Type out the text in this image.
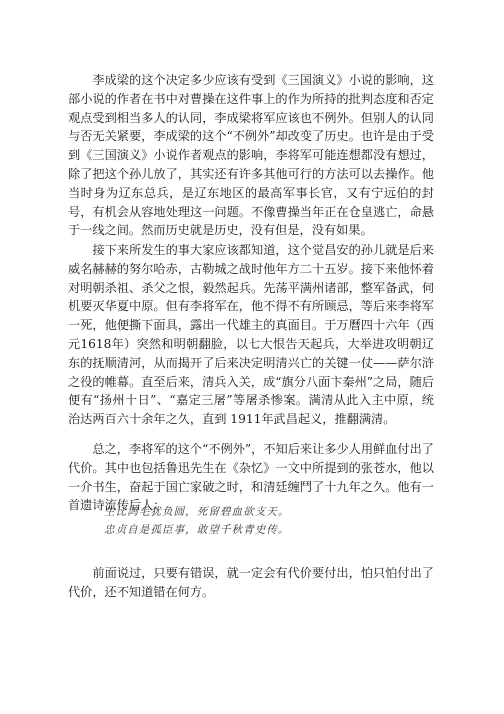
李成梁的这个决定多少应该有受到《三国演义》小说的影响，这部小说的作者在书中对曹操在这件事上的作为所持的批判态度和否定观点受到相当多人的认同，李成梁将军应该也不例外。但别人的认同与否无关紧要，李成梁的这个“不例外”却改变了历史。也许是由于受到《三国演义》小说作者观点的影响，李将军可能连想都没有想过，除了把这个孙儿放了，其实还有许多其他可行的方法可以去操作。他当时身为辽东总兵，是辽东地区的最高军事长官，又有宁远伯的封号，有机会从容地处理这一问题。不像曹操当年正在仓皇逃亡，命悬于一线之间。然而历史就是历史，没有但是，没有如果。

接下来所发生的事大家应该都知道，这个觉昌安的孙儿就是后来威名赫赫的努尔哈赤，古勒城之战时他年方二十五岁。接下来他怀着对明朝杀祖、杀父之恨，毅然起兵。先荡平满州诸部，整军备武，伺机要灭华夏中原。但有李将军在，他不得不有所顾忌，等后来李将军一死，他便撕下面具，露出一代雄主的真面目。于万曆四十六年（西元1618年）突然和明朝翻脸，以七大恨告天起兵，大举进攻明朝辽东的抚顺清河，从而揭开了后来决定明清兴亡的关键一仗——萨尔浒之役的帷幕。直至后来，清兵入关，成“旗分八面卞秦州”之局，随后便有“扬州十日”、“嘉定三屠”等屠杀惨案。满清从此入主中原，统治达两百六十余年之久，直到 1911年武昌起义，推翻满清。

总之，李将军的这个“不例外”，不知后来让多少人用鲜血付出了代价。其中也包括鲁迅先生在《杂忆》一文中所提到的张苍水，他以一介书生，奋起于国亡家破之时，和清廷缠鬥了十九年之久。他有一首遗诗流传后人：

生比鸿毛犹负圆，死留碧血欲支天。
忠贞自是孤臣事，敢望千秋青史传。

前面说过，只要有错误，就一定会有代价要付出，怕只怕付出了代价，还不知道错在何方。
